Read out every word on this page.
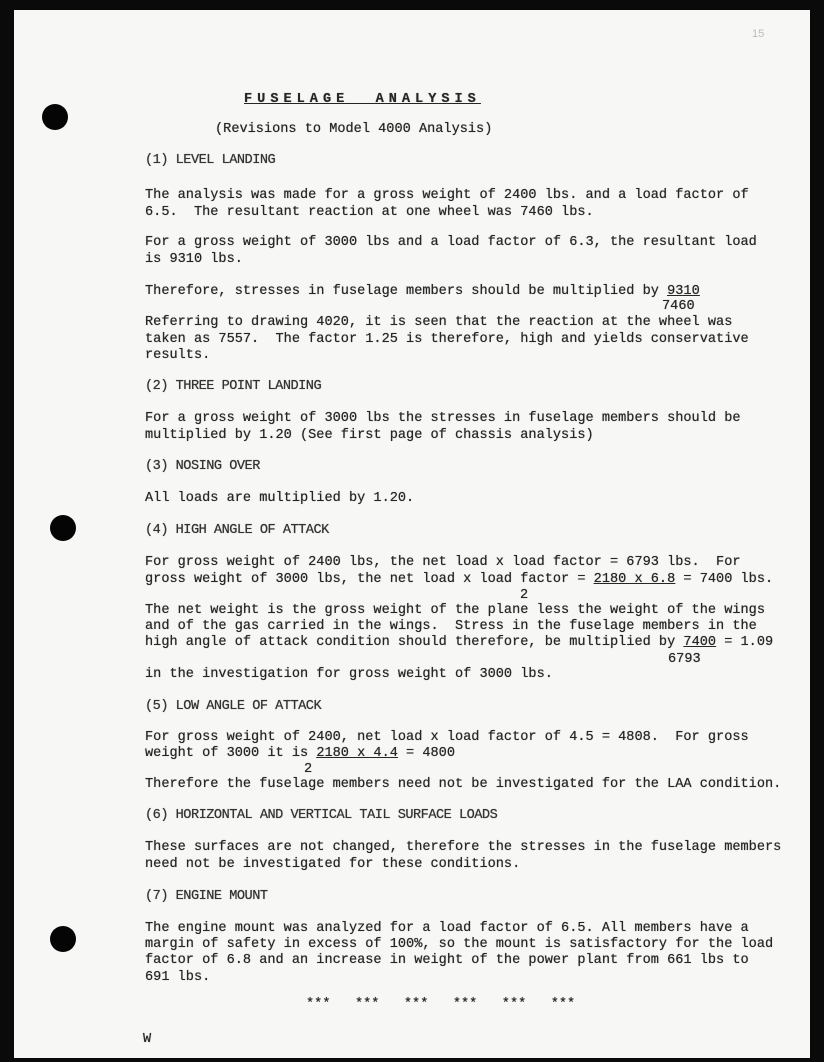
15
FUSELAGE  ANALYSIS
(Revisions to Model 4000 Analysis)
(1) LEVEL LANDING
The analysis was made for a gross weight of 2400 lbs. and a load factor of
6.5.  The resultant reaction at one wheel was 7460 lbs.
For a gross weight of 3000 lbs and a load factor of 6.3, the resultant load
is 9310 lbs.
Therefore, stresses in fuselage members should be multiplied by 9310
7460
Referring to drawing 4020, it is seen that the reaction at the wheel was
taken as 7557.  The factor 1.25 is therefore, high and yields conservative
results.
(2) THREE POINT LANDING
For a gross weight of 3000 lbs the stresses in fuselage members should be
multiplied by 1.20 (See first page of chassis analysis)
(3) NOSING OVER
All loads are multiplied by 1.20.
(4) HIGH ANGLE OF ATTACK
For gross weight of 2400 lbs, the net load x load factor = 6793 lbs.  For
gross weight of 3000 lbs, the net load x load factor = 2180 x 6.8 = 7400 lbs.
2
The net weight is the gross weight of the plane less the weight of the wings
and of the gas carried in the wings.  Stress in the fuselage members in the
high angle of attack condition should therefore, be multiplied by 7400 = 1.09
6793
in the investigation for gross weight of 3000 lbs.
(5) LOW ANGLE OF ATTACK
For gross weight of 2400, net load x load factor of 4.5 = 4808.  For gross
weight of 3000 it is 2180 x 4.4 = 4800
2
Therefore the fuselage members need not be investigated for the LAA condition.
(6) HORIZONTAL AND VERTICAL TAIL SURFACE LOADS
These surfaces are not changed, therefore the stresses in the fuselage members
need not be investigated for these conditions.
(7) ENGINE MOUNT
The engine mount was analyzed for a load factor of 6.5. All members have a
margin of safety in excess of 100%, so the mount is satisfactory for the load
factor of 6.8 and an increase in weight of the power plant from 661 lbs to
691 lbs.
***   ***   ***   ***   ***   ***
W
